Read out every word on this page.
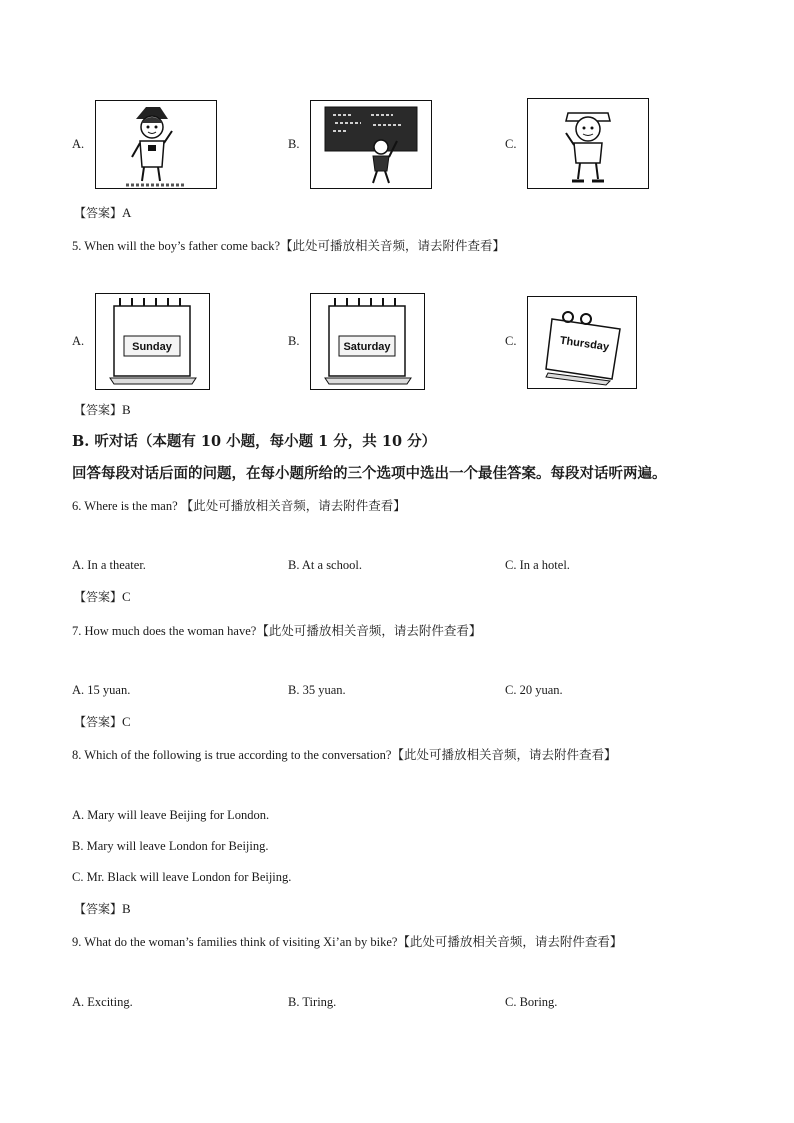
A.	B.	C.
【答案】A
5. When will the boy’s father come back?【此处可播放相关音频，请去附件查看】
A.	Sunday	B.	Saturday	C.	Thursday
【答案】B
B. 听对话（本题有 10 小题，每小题 1 分，共 10 分）
回答每段对话后面的问题，在每小题所给的三个选项中选出一个最佳答案。每段对话听两遍。
6. Where is the man? 【此处可播放相关音频，请去附件查看】
A. In a theater.	B. At a school.	C. In a hotel.
【答案】C
7. How much does the woman have?【此处可播放相关音频，请去附件查看】
A. 15 yuan.	B. 35 yuan.	C. 20 yuan.
【答案】C
8. Which of the following is true according to the conversation?【此处可播放相关音频，请去附件查看】
A. Mary will leave Beijing for London.
B. Mary will leave London for Beijing.
C. Mr. Black will leave London for Beijing.
【答案】B
9. What do the woman’s families think of visiting Xi’an by bike?【此处可播放相关音频，请去附件查看】
A. Exciting.	B. Tiring.	C. Boring.
